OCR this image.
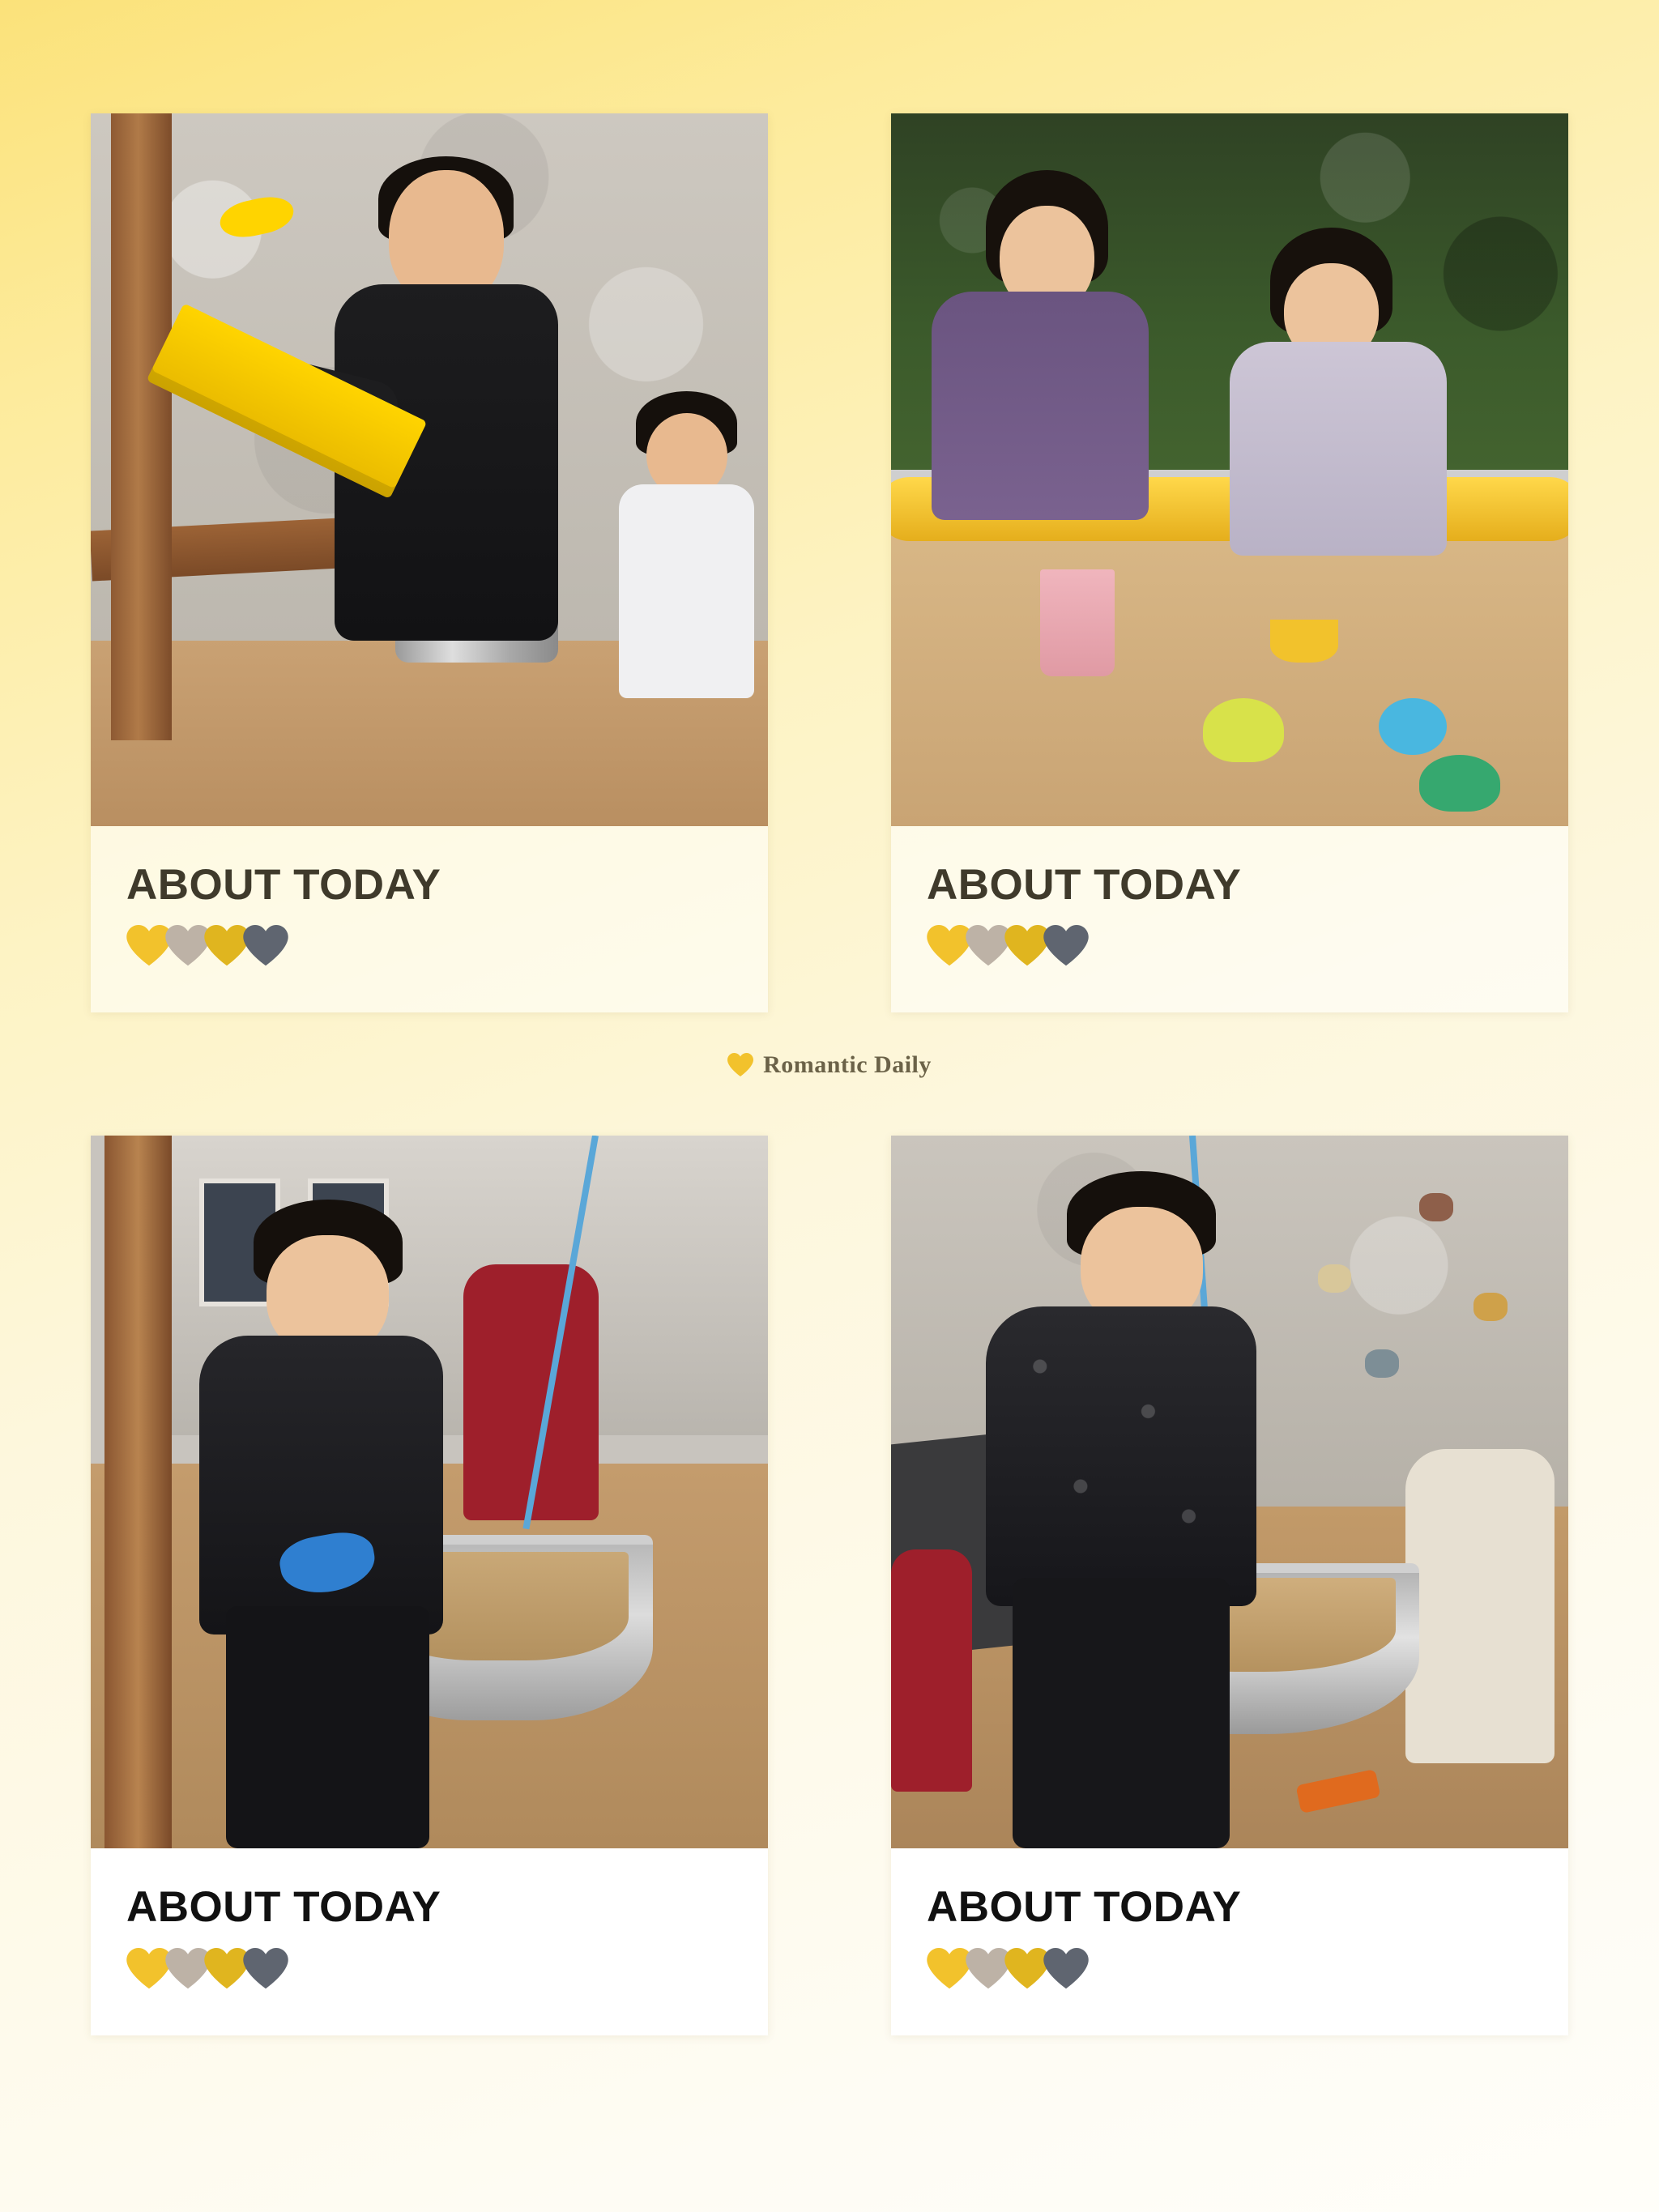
ABOUT TODAY	ABOUT TODAY
Romantic Daily
ABOUT TODAY	ABOUT TODAY
